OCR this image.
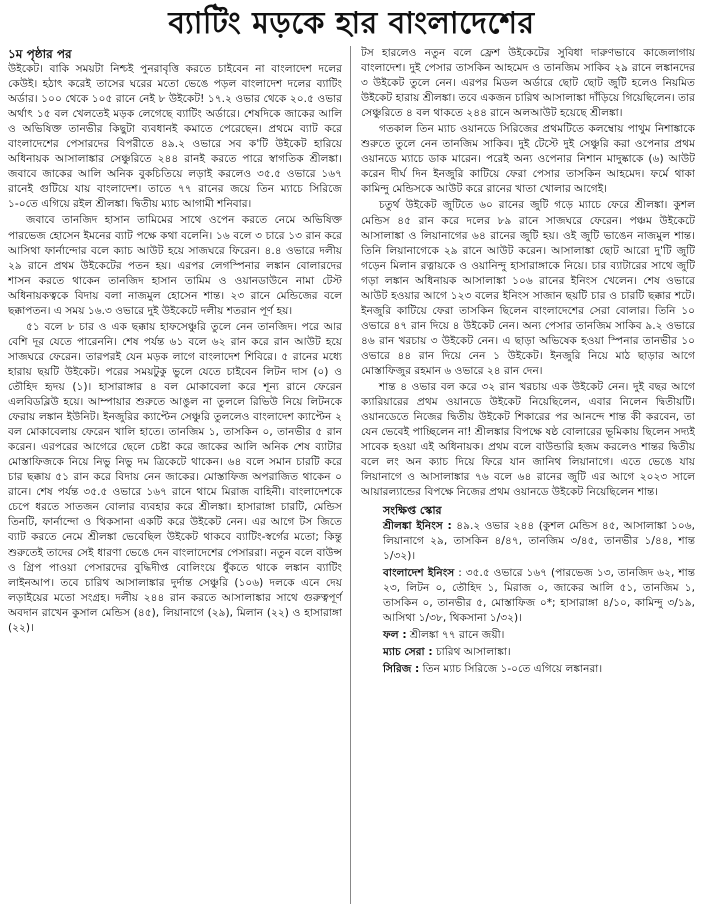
ব্যাটিং মড়কে হার বাংলাদেশের
১ম পৃষ্ঠার পর

উইকেট। বাকি সময়টা নিশ্চই পুনরাবৃত্তি করতে চাইবেন না বাংলাদেশ দলের কেউই। হঠাৎ করেই তাসের ঘরের মতো ভেঙে পড়ল বাংলাদেশ দলের ব্যাটিং অর্ডার। ১০০ থেকে ১০৫ রানে নেই ৮ উইকেট! ১৭.২ ওভার থেকে ২০.৫ ওভার অর্থাৎ ১৫ বল খেলতেই মড়ক লেগেছে ব্যাটিং অর্ডারে। শেষদিকে জাকের আলি ও অভিষিক্ত তানভীর কিছুটা ব্যবধানই কমাতে পেরেছেন। প্রথমে ব্যাট করে বাংলাদেশের পেসারদের বিপরীতে ৪৯.২ ওভারে সব ক'টি উইকেট হারিয়ে অধিনায়ক আসালাঙ্কার সেঞ্চুরিতে ২৪৪ রানই করতে পারে স্বাগতিক শ্রীলঙ্কা। জবাবে জাকের আলি অনিক বুকচিতিয়ে লড়াই করলেও ৩৫.৫ ওভারে ১৬৭ রানেই গুটিয়ে যায় বাংলাদেশ। তাতে ৭৭ রানের জয়ে তিন ম্যাচে সিরিজে ১-০তে এগিয়ে রইল শ্রীলঙ্কা। দ্বিতীয় ম্যাচ আগামী শনিবার।

জবাবে তানজিদ হাসান তামিমের সাথে ওপেন করতে নেমে অভিষিক্ত পারভেজ হোসেন ইমনের ব্যাট পক্ষে কথা বলেনি। ১৬ বলে ৩ চারে ১৩ রান করে আসিথা ফার্নান্দোর বলে ক্যাচ আউট হয়ে সাজঘরে ফিরেন। ৪.৪ ওভারে দলীয় ২৯ রানে প্রথম উইকেটের পতন হয়। এরপর লেগস্পিনার লঙ্কান বোলারদের শাসন করতে থাকেন তানজিদ হাসান তামিম ও ওয়ানডাউনে নামা টেস্ট অধিনায়কত্বকে বিদায় বলা নাজমুল হোসেন শান্ত। ২৩ রানে মেন্ডিজের বলে ছক্কাপতন। এ সময় ১৬.৩ ওভারে দুই উইকেটে দলীয় শতরান পূর্ণ হয়।

৫১ বলে ৮ চার ও এক ছক্কায় হাফসেঞ্চুরি তুলে নেন তানজিদ। পরে আর বেশি দূর যেতে পারেননি। শেষ পর্যন্ত ৬১ বলে ৬২ রান করে রান আউট হয়ে সাজঘরে ফেরেন। তারপরই যেন মড়ক লাগে বাংলাদেশ শিবিরে। ৫ রানের মধ্যে হারায় ছয়টি উইকেট। পরের সময়টুকু ভুলে যেতে চাইবেন লিটন দাস (০) ও তৌহিদ হৃদয় (১)। হাসারাঙ্গার ৪ বল মোকাবেলা করে শূন্য রানে ফেরেন এলবিডব্লিউ হয়ে। আম্পায়ার শুরুতে আঙুল না তুললে রিভিউ নিয়ে লিটনকে ফেরায় লঙ্কান ইউনিট। ইনজুরির ক্যাপ্টেন সেঞ্চুরি তুললেও বাংলাদেশ ক্যাপ্টেন ২ বল মোকাবেলায় ফেরেন খালি হাতে। তানজিম ১, তাসকিন ০, তানভীর ৫ রান করেন। এরপরের আগেরে ছেলে চেষ্টা করে জাকের আলি অনিক শেষ ব্যাটার মোস্তাফিজকে নিয়ে নিভু নিভু দম ত্রিকেটে থাকেন। ৬৪ বলে সমান চারটি করে চার ছক্কায় ৫১ রান করে বিদায় নেন জাকের। মোস্তাফিজ অপরাজিত থাকেন ০ রানে। শেষ পর্যন্ত ৩৫.৫ ওভারে ১৬৭ রানে থামে মিরাজ বাহিনী। বাংলাদেশকে চেপে ধরতে সাতজন বোলার ব্যবহার করে শ্রীলঙ্কা। হাসারাঙ্গা চারটি, মেন্ডিস তিনটি, ফার্নান্দো ও থিকসানা একটি করে উইকেট নেন। এর আগে টস জিতে ব্যাট করতে নেমে শ্রীলঙ্কা ভেবেছিল উইকেট থাকবে ব্যাটিং-স্বর্গের মতো; কিন্তু শুরুতেই তাদের সেই ধারণা ভেঙে দেন বাংলাদেশের পেসাররা। নতুন বলে বাউন্স ও গ্রিপ পাওয়া পেসারদের বুদ্ধিদীপ্ত বোলিংয়ে ধুঁকতে থাকে লঙ্কান ব্যাটিং লাইনআপ। তবে চারিথ আসালাঙ্কার দুর্দান্ত সেঞ্চুরি (১০৬) দলকে এনে দেয় লড়াইয়ের মতো সংগ্রহ। দলীয় ২৪৪ রান করতে আসালাঙ্কার সাথে গুরুত্বপূর্ণ অবদান রাখেন কুসাল মেন্ডিস (৪৫), লিয়ানাগে (২৯), মিলান (২২) ও হাসারাঙ্গা (২২)।

টস হারলেও নতুন বলে ফ্রেশ উইকেটের সুবিধা দারুণভাবে কাজেলাগায় বাংলাদেশ। দুই পেসার তাসকিন আহমেদ ও তানজিম সাকিব ২৯ রানে লঙ্কানদের ৩ উইকেট তুলে নেন। এরপর মিডল অর্ডারে ছোট ছোট জুটি হলেও নিয়মিত উইকেট হারায় শ্রীলঙ্কা। তবে একজন চারিথ আসালাঙ্কা দাঁড়িয়ে গিয়েছিলেন। তার সেঞ্চুরিতে ৪ বল থাকতে ২৪৪ রানে অলআউট হয়েছে শ্রীলঙ্কা।

গতকাল তিন ম্যাচ ওয়ানডে সিরিজের প্রথমটিতে কলম্বোয় পাথুম নিশাঙ্কাকে শুরুতে তুলে নেন তানজিম সাকিব। দুই টেস্টে দুই সেঞ্চুরি করা ওপেনার প্রথম ওয়ানডে ম্যাচে ডাক মারেন। পরেই অন্য ওপেনার নিশান মাদুষ্কাকে (৬) আউট করেন দীর্ঘ দিন ইনজুরি কাটিয়ে ফেরা পেসার তাসকিন আহমেদ। ফর্মে থাকা কামিন্দু মেন্ডিসকে আউট করে রানের খাতা খোলার আগেই।

চতুর্থ উইকেট জুটিতে ৬০ রানের জুটি গড়ে ম্যাচে ফেরে শ্রীলঙ্কা। কুশল মেন্ডিস ৪৫ রান করে দলের ৮৯ রানে সাজঘরে ফেরেন। পঞ্চম উইকেটে আসালাঙ্কা ও লিয়ানাগের ৬৪ রানের জুটি হয়। ওই জুটি ভাঙেন নাজমুল শান্ত। তিনি লিয়ানাগেকে ২৯ রানে আউট করেন। আসালাঙ্কা ছোট আরো দু'টি জুটি গড়েন মিলান রত্নায়কে ও ওয়ানিন্দু হাসারাঙ্গাকে নিয়ে। চার ব্যাটারের সাথে জুটি গড়া লঙ্কান অধিনায়ক আসালাঙ্কা ১০৬ রানের ইনিংস খেলেন। শেষ ওভারে আউট হওয়ার আগে ১২৩ বলের ইনিংস সাজান ছয়টি চার ও চারটি ছক্কার শটে। ইনজুরি কাটিয়ে ফেরা তাসকিন ছিলেন বাংলাদেশের সেরা বোলার। তিনি ১০ ওভারে ৪৭ রান দিয়ে ৪ উইকেট নেন। অন্য পেসার তানজিম সাকিব ৯.২ ওভারে ৪৬ রান খরচায় ৩ উইকেট নেন। এ ছাড়া অভিষেক হওয়া স্পিনার তানভীর ১০ ওভারে ৪৪ রান দিয়ে নেন ১ উইকেট। ইনজুরি নিয়ে মাঠ ছাড়ার আগে মোস্তাফিজুর রহমান ৬ ওভারে ২৪ রান দেন।

শান্ত ৪ ওভার বল করে ৩২ রান খরচায় এক উইকেট নেন। দুই বছর আগে ক্যারিয়ারের প্রথম ওয়ানডে উইকেট নিয়েছিলেন, এবার নিলেন দ্বিতীয়টি। ওয়ানডেতে নিজের দ্বিতীয় উইকেট শিকারের পর আনন্দে শান্ত কী করবেন, তা যেন ভেবেই পাচ্ছিলেন না! শ্রীলঙ্কার বিপক্ষে ষষ্ঠ বোলারের ভূমিকায় ছিলেন সদ্যই সাবেক হওয়া এই অধিনায়ক। প্রথম বলে বাউন্ডারি হজম করলেও শান্তর দ্বিতীয় বলে লং অন ক্যাচ দিয়ে ফিরে যান জানিথ লিয়ানাগে। এতে ভেঙে যায় লিয়ানাগে ও আসালাঙ্কার ৭৬ বলে ৬৪ রানের জুটি এর আগে ২০২৩ সালে আয়ারল্যান্ডের বিপক্ষে নিজের প্রথম ওয়ানডে উইকেট নিয়েছিলেন শান্ত।

সংক্ষিপ্ত স্কোর
শ্রীলঙ্কা ইনিংস : ৪৯.২ ওভার ২৪৪ (কুশল মেন্ডিস ৪৫, আসালাঙ্কা ১০৬, লিয়ানাগে ২৯, তাসকিন ৪/৪৭, তানজিম ৩/৪৫, তানভীর ১/৪৪, শান্ত ১/৩২)।
বাংলাদেশ ইনিংস : ৩৫.৫ ওভারে ১৬৭ (পারভেজ ১৩, তানজিদ ৬২, শান্ত ২৩, লিটন ০, তৌহিদ ১, মিরাজ ০, জাকের আলি ৫১, তানজিম ১, তাসকিন ০, তানভীর ৫, মোস্তাফিজ ০*; হাসারাঙ্গা ৪/১০, কামিন্দু ৩/১৯, আসিথা ১/৩৮, থিকসানা ১/৩২)।
ফল : শ্রীলঙ্কা ৭৭ রানে জয়ী।
ম্যাচ সেরা : চারিথ আসালাঙ্কা।
সিরিজ : তিন ম্যাচ সিরিজে ১-০তে এগিয়ে লঙ্কানরা।
